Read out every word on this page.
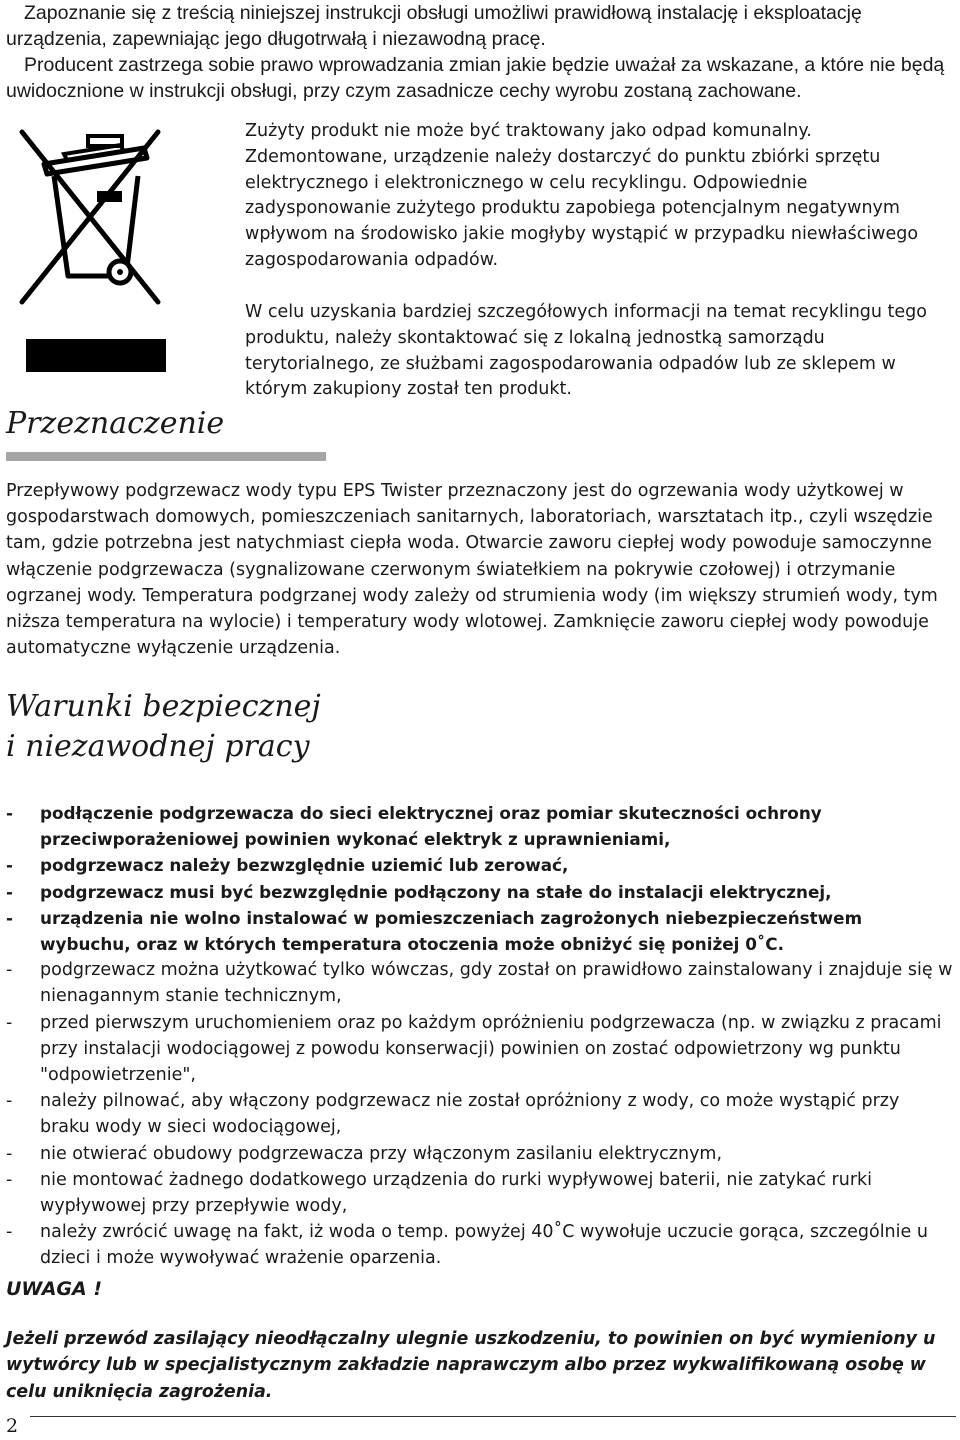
Zapoznanie się z treścią niniejszej instrukcji obsługi umożliwi prawidłową instalację i eksploatację urządzenia, zapewniając jego długotrwałą i niezawodną pracę.

Producent zastrzega sobie prawo wprowadzania zmian jakie będzie uważał za wskazane, a które nie będą uwidocznione w instrukcji obsługi, przy czym zasadnicze cechy wyrobu zostaną zachowane.

Zużyty produkt nie może być traktowany jako odpad komunalny. Zdemontowane, urządzenie należy dostarczyć do punktu zbiórki sprzętu elektrycznego i elektronicznego w celu recyklingu. Odpowiednie zadysponowanie zużytego produktu zapobiega potencjalnym negatywnym wpływom na środowisko jakie mogłyby wystąpić w przypadku niewłaściwego zagospodarowania odpadów.

W celu uzyskania bardziej szczegółowych informacji na temat recyklingu tego produktu, należy skontaktować się z lokalną jednostką samorządu terytorialnego, ze służbami zagospodarowania odpadów lub ze sklepem w którym zakupiony został ten produkt.

Przeznaczenie

Przepływowy podgrzewacz wody typu EPS Twister przeznaczony jest do ogrzewania wody użytkowej w gospodarstwach domowych, pomieszczeniach sanitarnych, laboratoriach, warsztatach itp., czyli wszędzie tam, gdzie potrzebna jest natychmiast ciepła woda. Otwarcie zaworu ciepłej wody powoduje samoczynne włączenie podgrzewacza (sygnalizowane czerwonym światełkiem na pokrywie czołowej) i otrzymanie ogrzanej wody. Temperatura podgrzanej wody zależy od strumienia wody (im większy strumień wody, tym niższa temperatura na wylocie) i temperatury wody wlotowej. Zamknięcie zaworu ciepłej wody powoduje automatyczne wyłączenie urządzenia.

Warunki bezpiecznej
i niezawodnej pracy
- podłączenie podgrzewacza do sieci elektrycznej oraz pomiar skuteczności ochrony przeciwporażeniowej powinien wykonać elektryk z uprawnieniami,
- podgrzewacz należy bezwzględnie uziemić lub zerować,
- podgrzewacz musi być bezwzględnie podłączony na stałe do instalacji elektrycznej,
- urządzenia nie wolno instalować w pomieszczeniach zagrożonych niebezpieczeństwem wybuchu, oraz w których temperatura otoczenia może obniżyć się poniżej 0˚C.
- podgrzewacz można użytkować tylko wówczas, gdy został on prawidłowo zainstalowany i znajduje się w nienagannym stanie technicznym,
- przed pierwszym uruchomieniem oraz po każdym opróżnieniu podgrzewacza (np. w związku z pracami przy instalacji wodociągowej z powodu konserwacji) powinien on zostać odpowietrzony wg punktu "odpowietrzenie",
- należy pilnować, aby włączony podgrzewacz nie został opróżniony z wody, co może wystąpić przy braku wody w sieci wodociągowej,
- nie otwierać obudowy podgrzewacza przy włączonym zasilaniu elektrycznym,
- nie montować żadnego dodatkowego urządzenia do rurki wypływowej baterii, nie zatykać rurki wypływowej przy przepływie wody,
- należy zwrócić uwagę na fakt, iż woda o temp. powyżej 40˚C wywołuje uczucie gorąca, szczególnie u dzieci i może wywoływać wrażenie oparzenia.

UWAGA !

Jeżeli przewód zasilający nieodłączalny ulegnie uszkodzeniu, to powinien on być wymieniony u wytwórcy lub w specjalistycznym zakładzie naprawczym albo przez wykwalifikowaną osobę w celu uniknięcia zagrożenia.

2
